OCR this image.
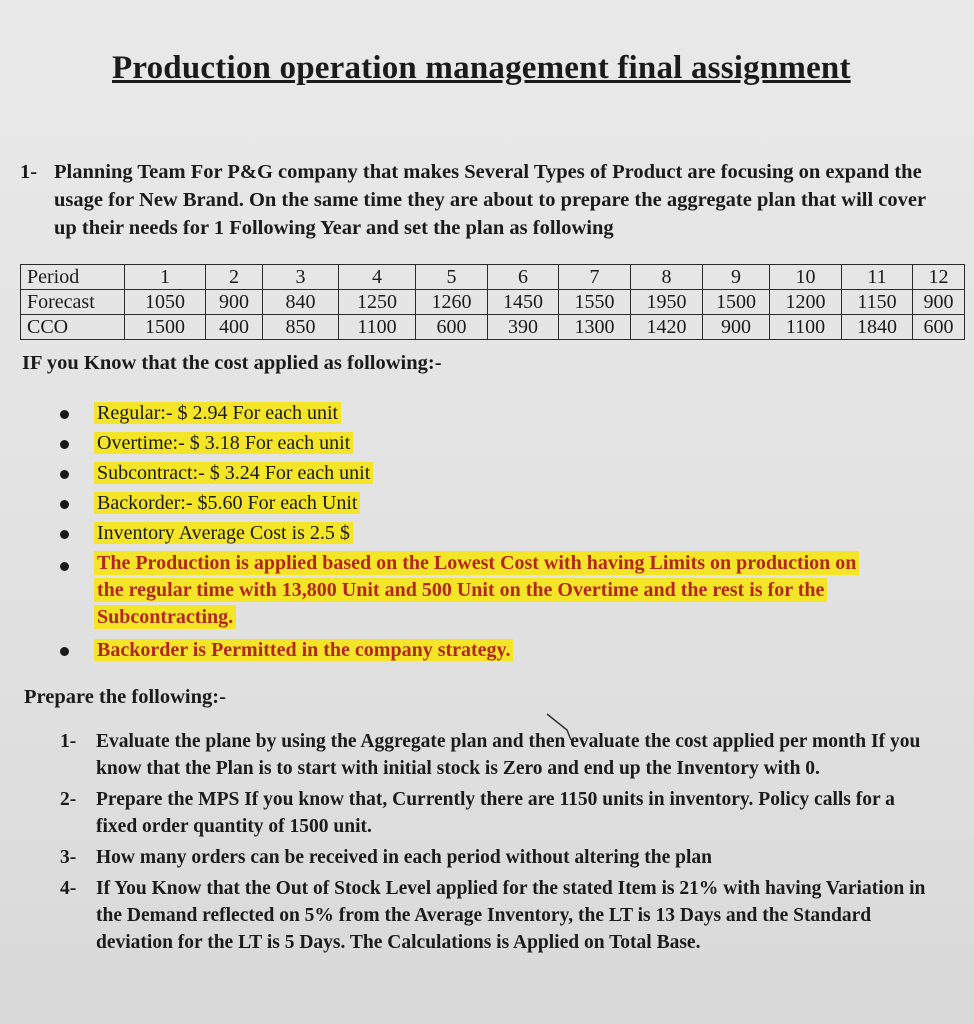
Production operation management final assignment
1- Planning Team For P&G company that makes Several Types of Product are focusing on expand the usage for New Brand. On the same time they are about to prepare the aggregate plan that will cover up their needs for 1 Following Year and set the plan as following
Period	1	2	3	4	5	6	7	8	9	10	11	12
Forecast	1050	900	840	1250	1260	1450	1550	1950	1500	1200	1150	900
CCO	1500	400	850	1100	600	390	1300	1420	900	1100	1840	600
IF you Know that the cost applied as following:-
Regular:- $ 2.94 For each unit
Overtime:- $ 3.18 For each unit
Subcontract:- $ 3.24 For each unit
Backorder:- $5.60 For each Unit
Inventory Average Cost is 2.5 $
The Production is applied based on the Lowest Cost with having Limits on production on
the regular time with 13,800 Unit and 500 Unit on the Overtime and the rest is for the
Subcontracting.
Backorder is Permitted in the company strategy.
Prepare the following:-
1- Evaluate the plane by using the Aggregate plan and then evaluate the cost applied per month If you know that the Plan is to start with initial stock is Zero and end up the Inventory with 0.
2- Prepare the MPS If you know that, Currently there are 1150 units in inventory. Policy calls for a fixed order quantity of 1500 unit.
3- How many orders can be received in each period without altering the plan
4- If You Know that the Out of Stock Level applied for the stated Item is 21% with having Variation in the Demand reflected on 5% from the Average Inventory, the LT is 13 Days and the Standard deviation for the LT is 5 Days. The Calculations is Applied on Total Base.
